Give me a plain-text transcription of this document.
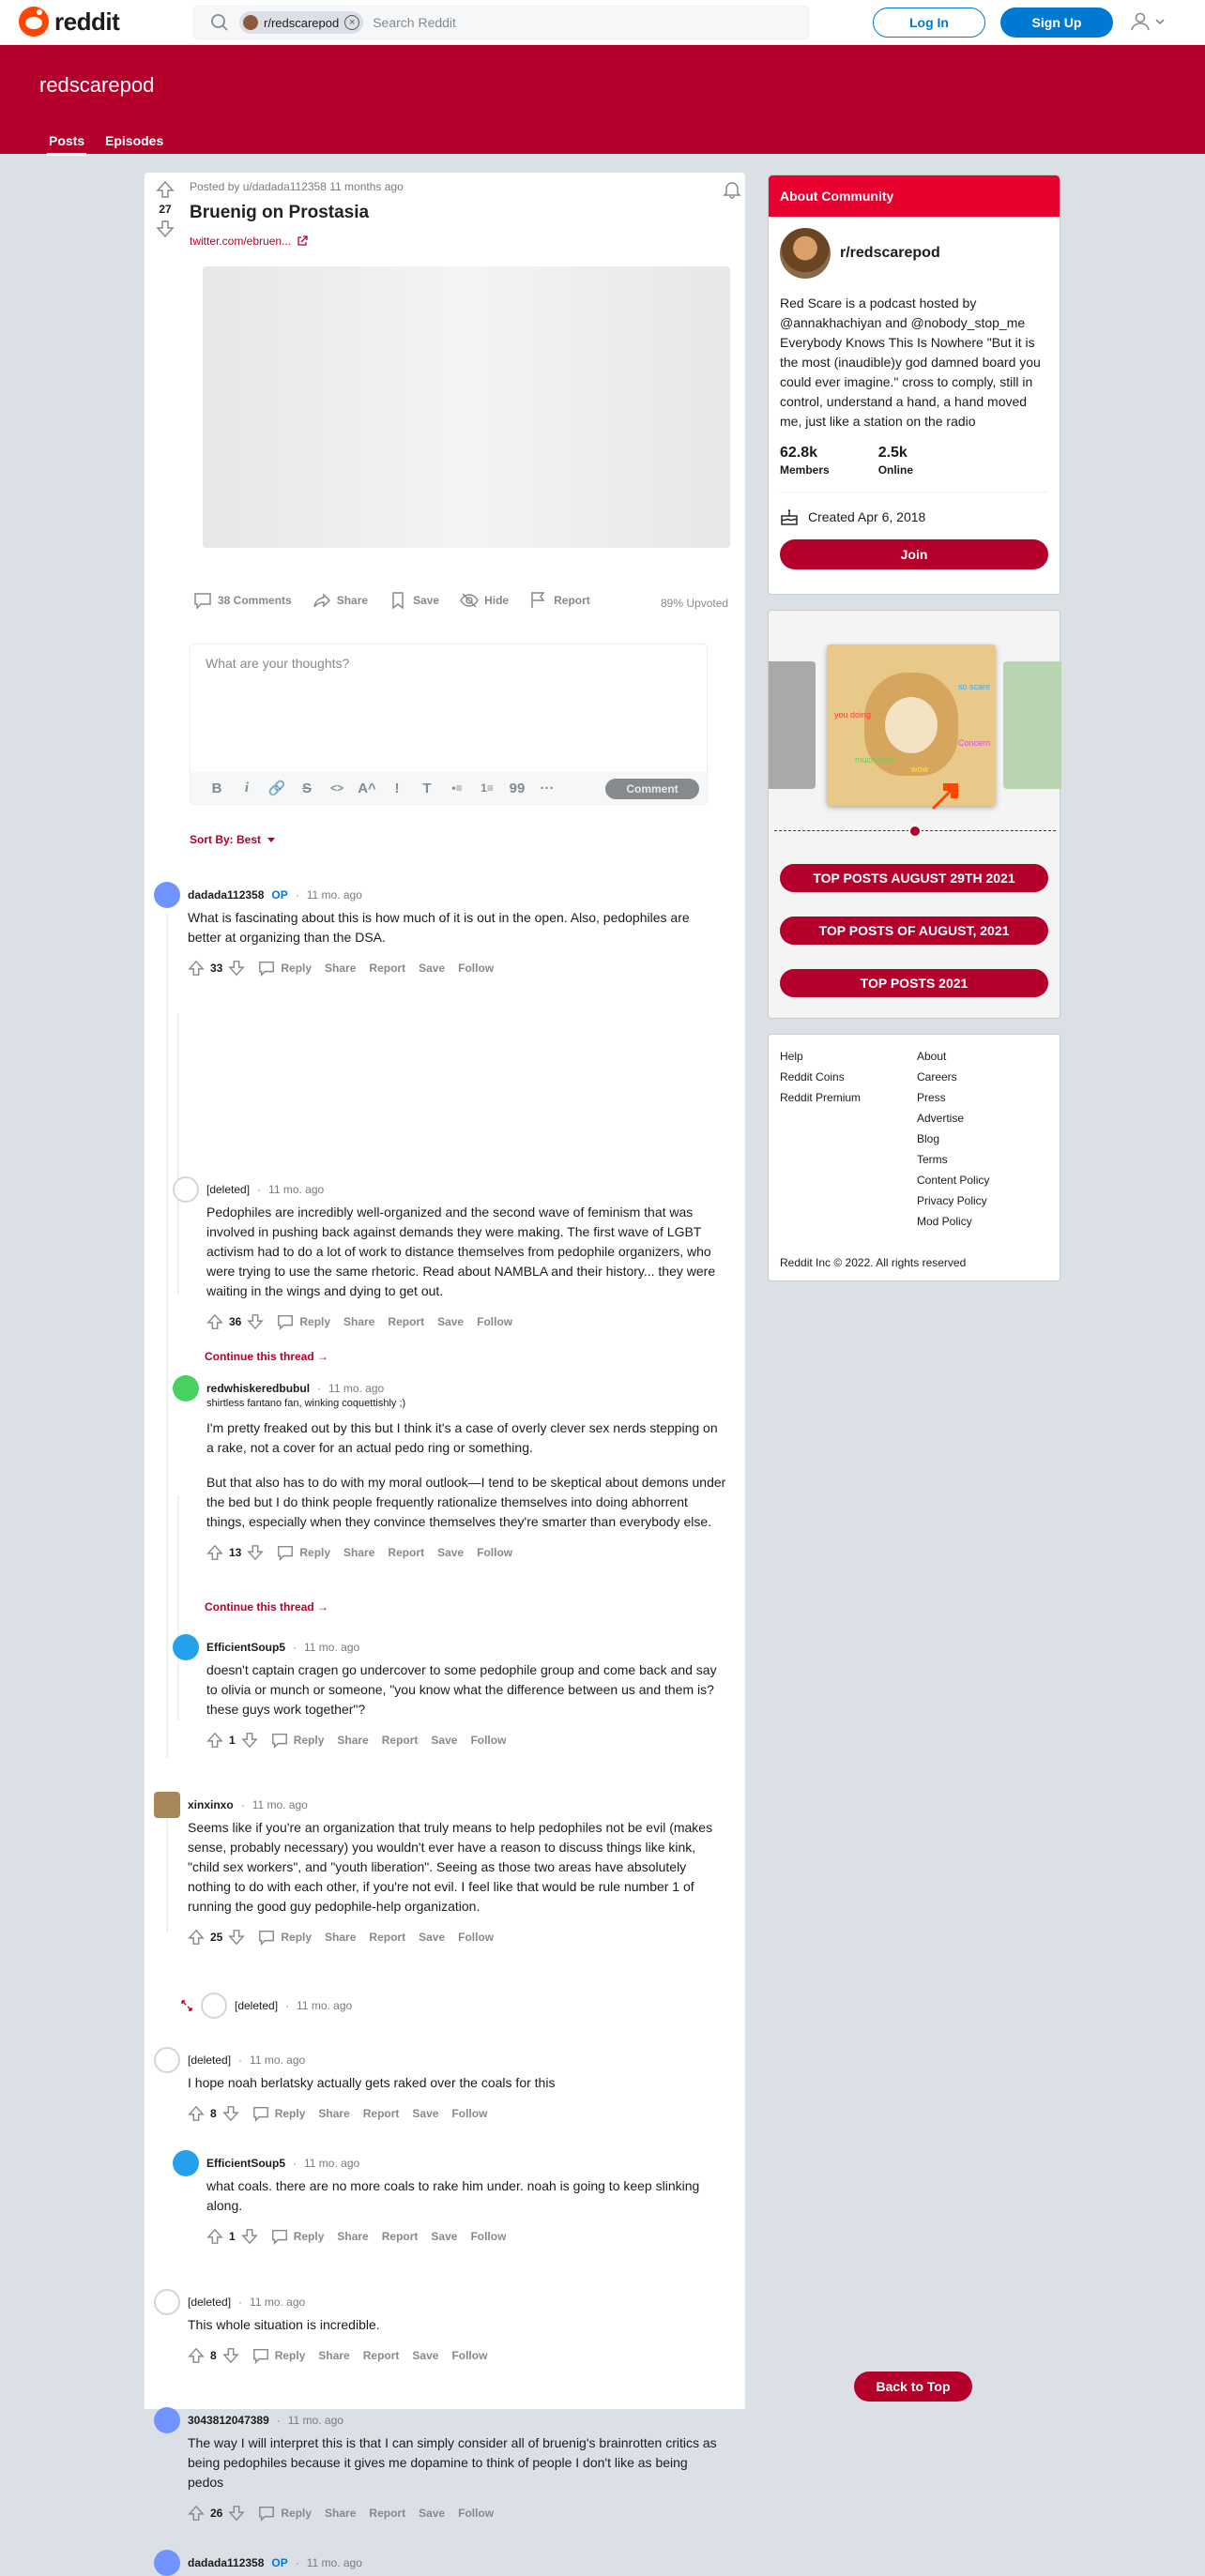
reddit	r/redscarepod ×	Search Reddit	Log In	Sign Up
redscarepod
Posts Episodes
27
Posted by u/dadada112358 11 months ago
Bruenig on Prostasia
twitter.com/ebruen...
38 Comments	Share	Save	Hide	Report	89% Upvoted
What are your thoughts?
B	i	🔗	S	<>	A^	!	T	•≡	1≡	99	···	Comment
Sort By: Best
dadada112358 OP · 11 mo. ago

What is fascinating about this is how much of it is out in the open. Also, pedophiles are better at organizing than the DSA.

33	Reply Share Report Save Follow
[deleted] · 11 mo. ago

Pedophiles are incredibly well-organized and the second wave of feminism that was involved in pushing back against demands they were making. The first wave of LGBT activism had to do a lot of work to distance themselves from pedophile organizers, who were trying to use the same rhetoric. Read about NAMBLA and their history... they were waiting in the wings and dying to get out.

36	Reply Share Report Save Follow
Continue this thread →
redwhiskeredbubul · 11 mo. ago
shirtless fantano fan, winking coquettishly ;)

I'm pretty freaked out by this but I think it's a case of overly clever sex nerds stepping on a rake, not a cover for an actual pedo ring or something.

But that also has to do with my moral outlook—I tend to be skeptical about demons under the bed but I do think people frequently rationalize themselves into doing abhorrent things, especially when they convince themselves they're smarter than everybody else.

13	Reply Share Report Save Follow
Continue this thread →
EfficientSoup5 · 11 mo. ago

doesn't captain cragen go undercover to some pedophile group and come back and say to olivia or munch or someone, "you know what the difference between us and them is? these guys work together"?

1	Reply Share Report Save Follow
xinxinxo · 11 mo. ago

Seems like if you're an organization that truly means to help pedophiles not be evil (makes sense, probably necessary) you wouldn't ever have a reason to discuss things like kink, "child sex workers", and "youth liberation". Seeing as those two areas have absolutely nothing to do with each other, if you're not evil. I feel like that would be rule number 1 of running the good guy pedophile-help organization.

25	Reply Share Report Save Follow
[deleted] · 11 mo. ago
[deleted] · 11 mo. ago

I hope noah berlatsky actually gets raked over the coals for this

8	Reply Share Report Save Follow
EfficientSoup5 · 11 mo. ago

what coals. there are no more coals to rake him under. noah is going to keep slinking along.

1	Reply Share Report Save Follow
[deleted] · 11 mo. ago

This whole situation is incredible.

8	Reply Share Report Save Follow
3043812047389 · 11 mo. ago

The way I will interpret this is that I can simply consider all of bruenig's brainrotten critics as being pedophiles because it gives me dopamine to think of people I don't like as being pedos

26	Reply Share Report Save Follow
dadada112358 OP · 11 mo. ago
About Community
r/redscarepod
Red Scare is a podcast hosted by @annakhachiyan and @nobody_stop_me Everybody Knows This Is Nowhere "But it is the most (inaudible)y god damned board you could ever imagine." cross to comply, still in control, understand a hand, a hand moved me, just like a station on the radio
62.8k
Members
2.5k
Online
Created Apr 6, 2018
Join
so scare
you doing
Concern
much wow
wow
TOP POSTS AUGUST 29TH 2021
TOP POSTS OF AUGUST, 2021
TOP POSTS 2021
Help
Reddit Coins
Reddit Premium
About
Careers
Press
Advertise
Blog
Terms
Content Policy
Privacy Policy
Mod Policy
Reddit Inc © 2022. All rights reserved
Back to Top
